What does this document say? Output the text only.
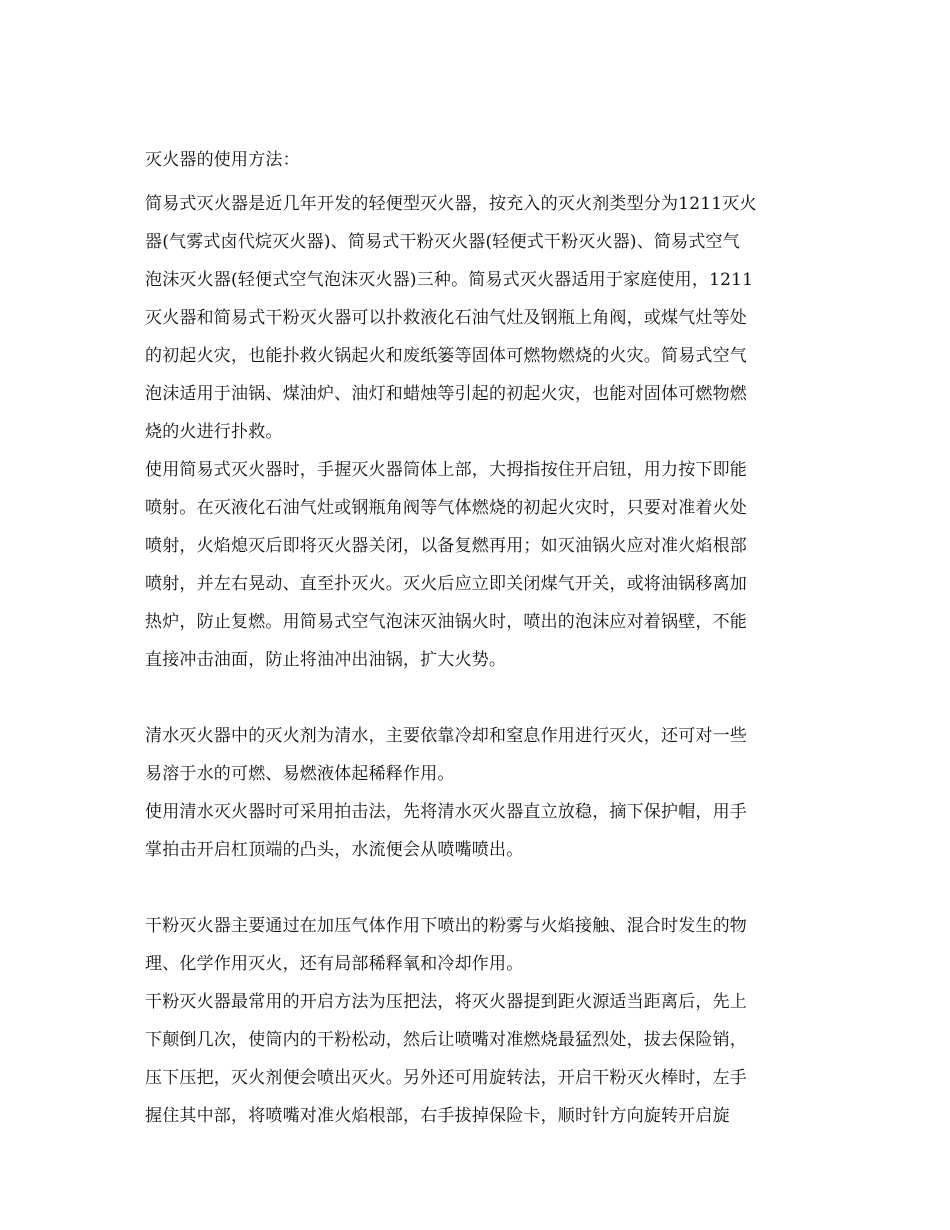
灭火器的使用方法：
简易式灭火器是近几年开发的轻便型灭火器，按充入的灭火剂类型分为1211灭火
器(气雾式卤代烷灭火器)、简易式干粉灭火器(轻便式干粉灭火器)、简易式空气
泡沫灭火器(轻便式空气泡沫灭火器)三种。简易式灭火器适用于家庭使用，1211
灭火器和简易式干粉灭火器可以扑救液化石油气灶及钢瓶上角阀，或煤气灶等处
的初起火灾，也能扑救火锅起火和废纸篓等固体可燃物燃烧的火灾。简易式空气
泡沫适用于油锅、煤油炉、油灯和蜡烛等引起的初起火灾，也能对固体可燃物燃
烧的火进行扑救。
使用简易式灭火器时，手握灭火器筒体上部，大拇指按住开启钮，用力按下即能
喷射。在灭液化石油气灶或钢瓶角阀等气体燃烧的初起火灾时，只要对准着火处
喷射，火焰熄灭后即将灭火器关闭，以备复燃再用；如灭油锅火应对准火焰根部
喷射，并左右晃动、直至扑灭火。灭火后应立即关闭煤气开关，或将油锅移离加
热炉，防止复燃。用简易式空气泡沫灭油锅火时，喷出的泡沫应对着锅壁，不能
直接冲击油面，防止将油冲出油锅，扩大火势。
清水灭火器中的灭火剂为清水，主要依靠冷却和窒息作用进行灭火，还可对一些
易溶于水的可燃、易燃液体起稀释作用。
使用清水灭火器时可采用拍击法，先将清水灭火器直立放稳，摘下保护帽，用手
掌拍击开启杠顶端的凸头，水流便会从喷嘴喷出。
干粉灭火器主要通过在加压气体作用下喷出的粉雾与火焰接触、混合时发生的物
理、化学作用灭火，还有局部稀释氧和冷却作用。
干粉灭火器最常用的开启方法为压把法，将灭火器提到距火源适当距离后，先上
下颠倒几次，使筒内的干粉松动，然后让喷嘴对准燃烧最猛烈处，拔去保险销，
压下压把，灭火剂便会喷出灭火。另外还可用旋转法，开启干粉灭火棒时，左手
握住其中部，将喷嘴对准火焰根部，右手拔掉保险卡，顺时针方向旋转开启旋
